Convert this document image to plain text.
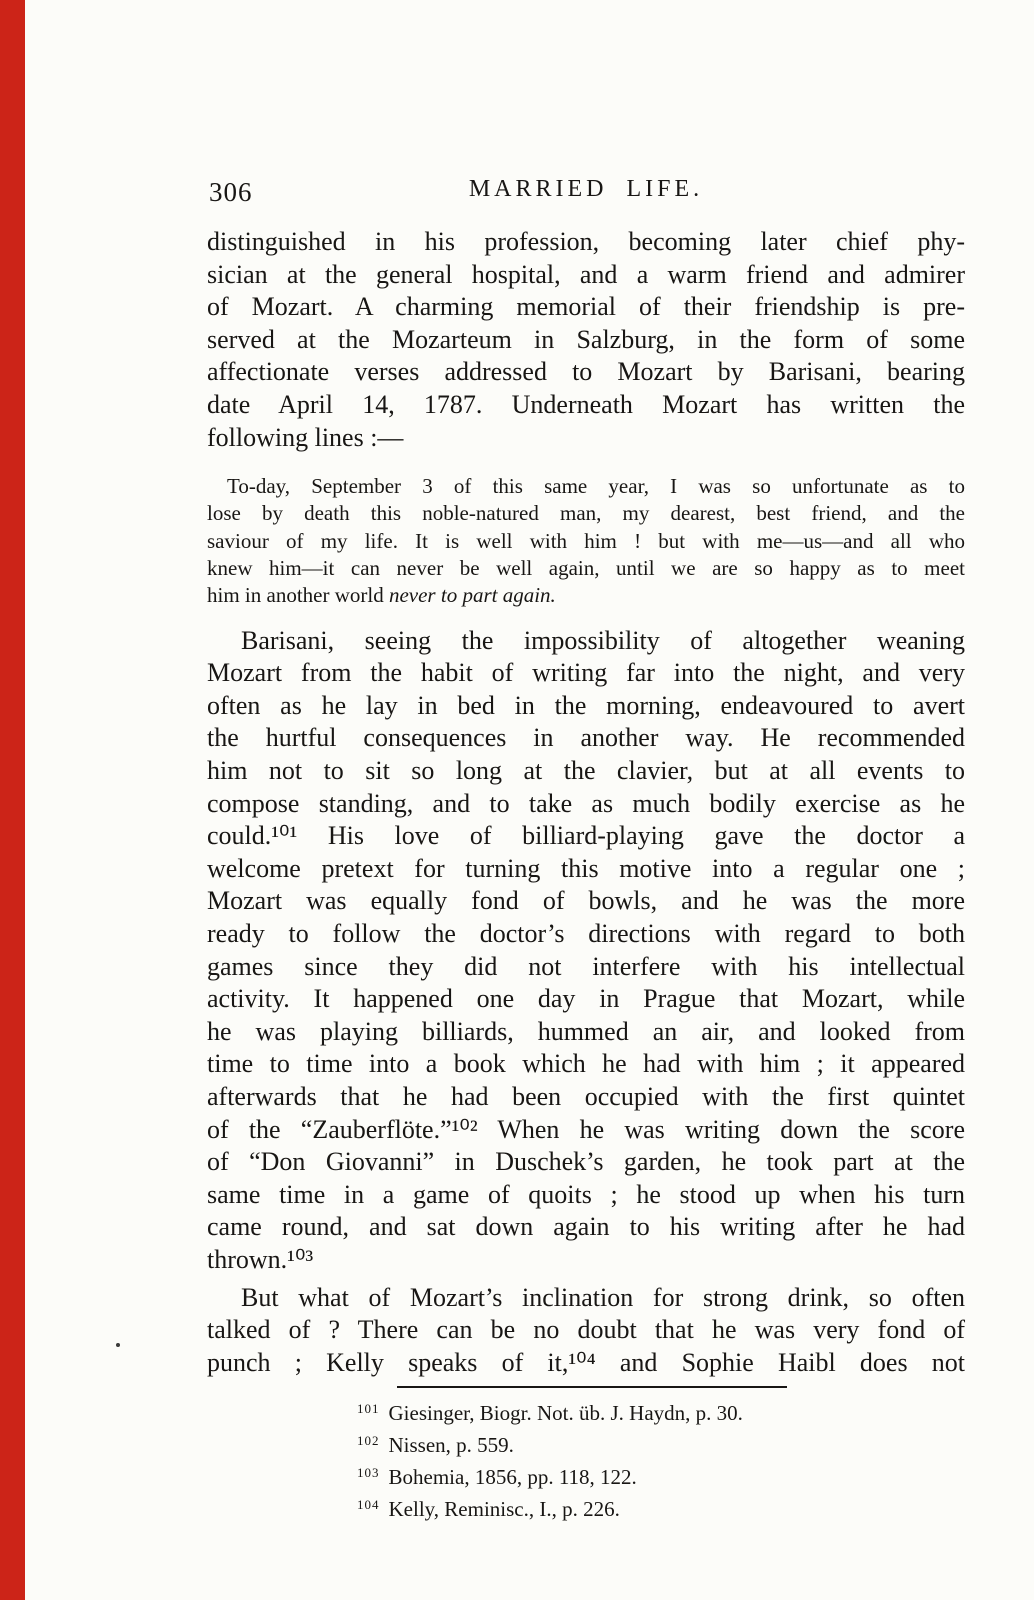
306	MARRIED LIFE.
distinguished in his profession, becoming later chief phy-
sician at the general hospital, and a warm friend and admirer
of Mozart. A charming memorial of their friendship is pre-
served at the Mozarteum in Salzburg, in the form of some
affectionate verses addressed to Mozart by Barisani, bearing
date April 14, 1787. Underneath Mozart has written the
following lines :—
To-day, September 3 of this same year, I was so unfortunate as to
lose by death this noble-natured man, my dearest, best friend, and the
saviour of my life. It is well with him ! but with me—us—and all who
knew him—it can never be well again, until we are so happy as to meet
him in another world never to part again.
Barisani, seeing the impossibility of altogether weaning
Mozart from the habit of writing far into the night, and very
often as he lay in bed in the morning, endeavoured to avert
the hurtful consequences in another way. He recommended
him not to sit so long at the clavier, but at all events to
compose standing, and to take as much bodily exercise as he
could.¹⁰¹ His love of billiard-playing gave the doctor a
welcome pretext for turning this motive into a regular one ;
Mozart was equally fond of bowls, and he was the more
ready to follow the doctor’s directions with regard to both
games since they did not interfere with his intellectual
activity. It happened one day in Prague that Mozart, while
he was playing billiards, hummed an air, and looked from
time to time into a book which he had with him ; it appeared
afterwards that he had been occupied with the first quintet
of the “Zauberflöte.”¹⁰² When he was writing down the score
of “Don Giovanni” in Duschek’s garden, he took part at the
same time in a game of quoits ; he stood up when his turn
came round, and sat down again to his writing after he had
thrown.¹⁰³
But what of Mozart’s inclination for strong drink, so often
talked of ? There can be no doubt that he was very fond of
punch ; Kelly speaks of it,¹⁰⁴ and Sophie Haibl does not
$^{101}$ Giesinger, Biogr. Not. üb. J. Haydn, p. 30.
$^{102}$ Nissen, p. 559.
$^{103}$ Bohemia, 1856, pp. 118, 122.
$^{104}$ Kelly, Reminisc., I., p. 226.
